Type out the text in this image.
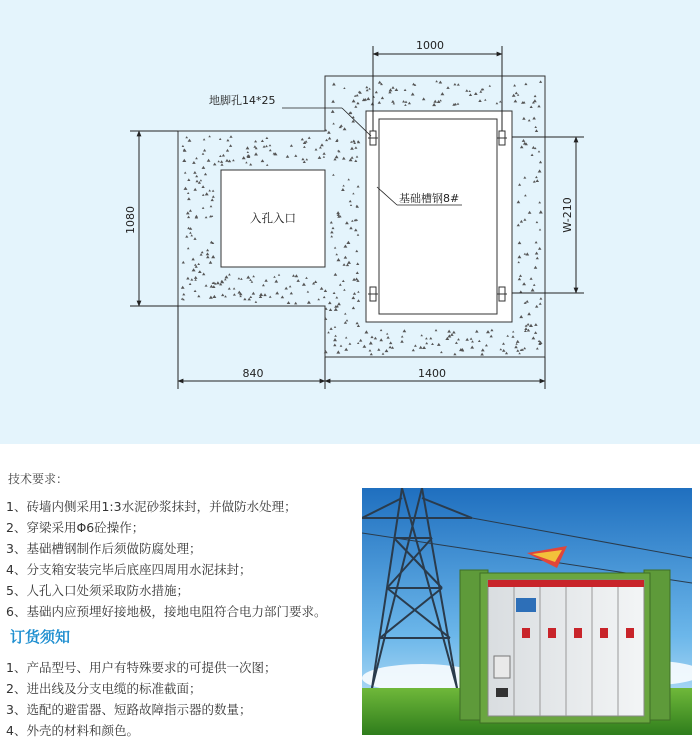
1000
1080	W-210
840	1400
地脚孔14*25
基础槽钢8#
入孔入口
技术要求：
1、砖墙内侧采用1:3水泥砂浆抹封，并做防水处理；
2、穿梁采用Φ6砼操作；
3、基础槽钢制作后须做防腐处理；
4、分支箱安装完毕后底座四周用水泥抹封；
5、人孔入口处须采取防水措施；
6、基础内应预埋好接地极，接地电阻符合电力部门要求。
订货须知
1、产品型号、用户有特殊要求的可提供一次图；
2、进出线及分支电缆的标准截面；
3、选配的避雷器、短路故障指示器的数量；
4、外壳的材料和颜色。
